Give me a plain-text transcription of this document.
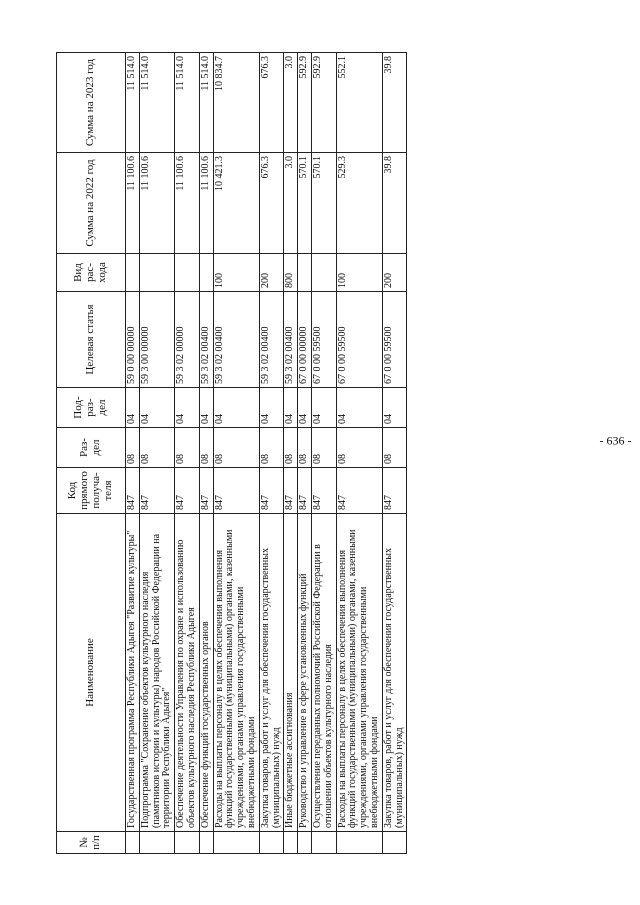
- 636 -
№ п/п	Наименование	Код прямого получа-теля	Раз-дел	Под-раз-дел	Целевая статья	Вид рас-хода	Сумма на 2022 год	Сумма на 2023 год
	Государственная программа Республики Адыгея "Развитие культуры"	847	08	04	59 0 00 00000		11 100.6	11 514.0
	Подпрограмма "Сохранение объектов культурного наследия (памятников истории и культуры) народов Российской Федерации на территории Республики Адыгея"	847	08	04	59 3 00 00000		11 100.6	11 514.0
	Обеспечение деятельности Управления по охране и использованию объектов культурного наследия Республики Адыгея	847	08	04	59 3 02 00000		11 100.6	11 514.0
	Обеспечение функций государственных органов	847	08	04	59 3 02 00400		11 100.6	11 514.0
	Расходы на выплаты персоналу в целях обеспечения выполнения функций государственными (муниципальными) органами, казенными учреждениями, органами управления государственными внебюджетными фондами	847	08	04	59 3 02 00400	100	10 421.3	10 834.7
	Закупка товаров, работ и услуг для обеспечения государственных (муниципальных) нужд	847	08	04	59 3 02 00400	200	676.3	676.3
	Иные бюджетные ассигнования	847	08	04	59 3 02 00400	800	3.0	3.0
	Руководство и управление в сфере установленных функций	847	08	04	67 0 00 00000		570.1	592.9
	Осуществление переданных полномочий Российской Федерации в отношении объектов культурного наследия	847	08	04	67 0 00 59500		570.1	592.9
	Расходы на выплаты персоналу в целях обеспечения выполнения функций государственными (муниципальными) органами, казенными учреждениями, органами управления государственными внебюджетными фондами	847	08	04	67 0 00 59500	100	529.3	552.1
	Закупка товаров, работ и услуг для обеспечения государственных (муниципальных) нужд	847	08	04	67 0 00 59500	200	39.8	39.8
